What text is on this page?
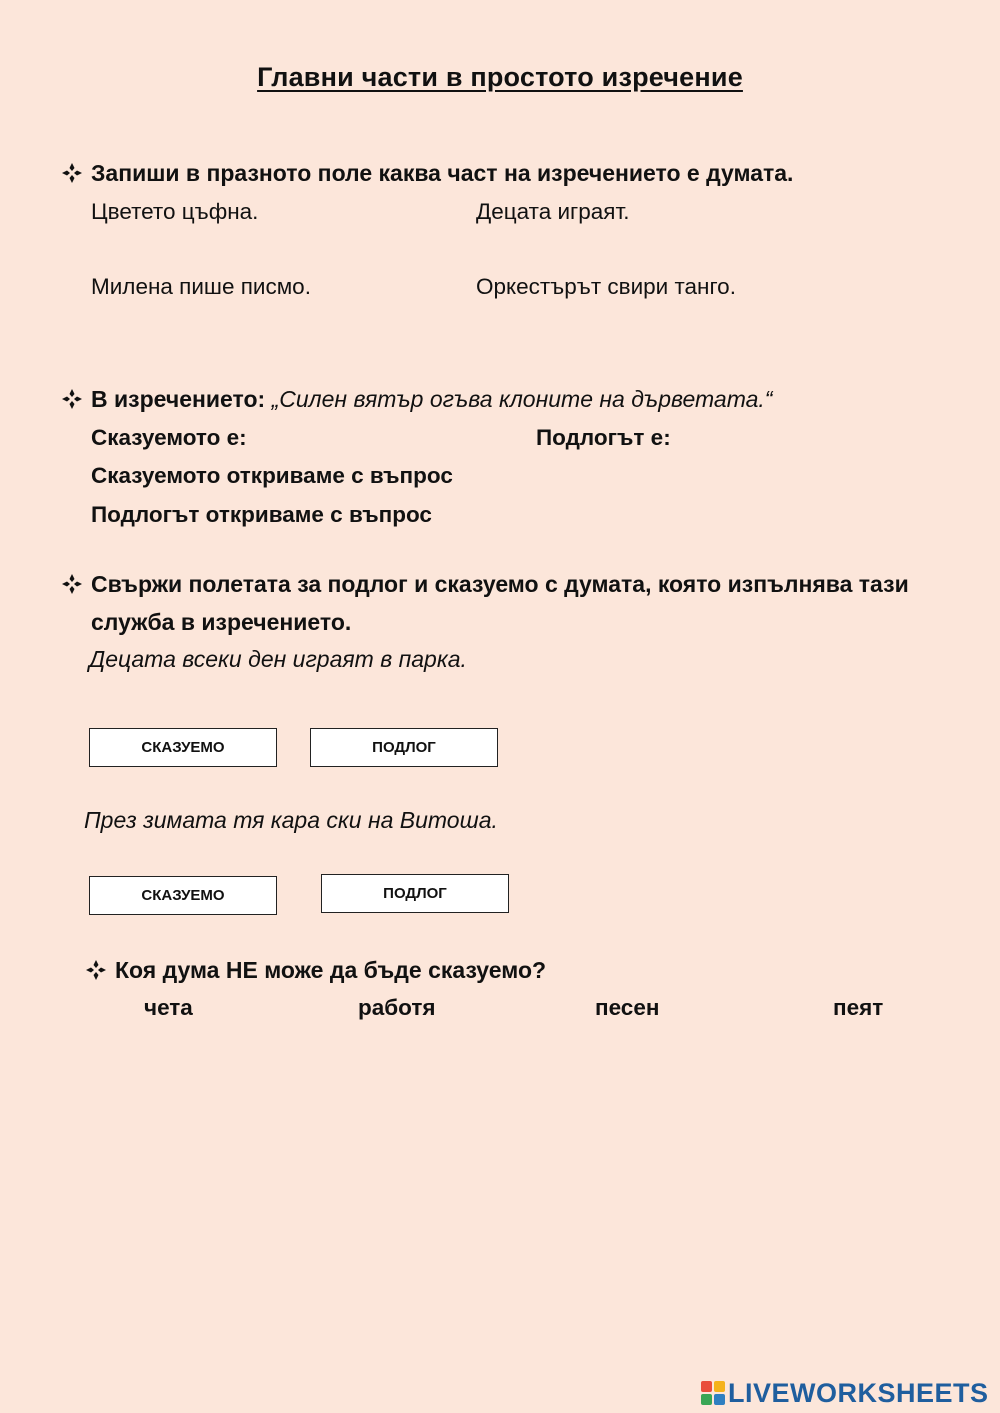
Главни части в простото изречение
Запиши в празното поле каква част на изречението е думата.
Цветето цъфна.	Децата играят.
Милена пише писмо.	Оркестърът свири танго.
В изречението: „Силен вятър огъва клоните на дърветата.“
Сказуемото е:	Подлогът е:
Сказуемото откриваме с въпрос
Подлогът откриваме с въпрос
Свържи полетата за подлог и сказуемо с думата, която изпълнява тази
служба в изречението.
Децата всеки ден играят в парка.
СКАЗУЕМО	ПОДЛОГ
През зимата тя кара ски на Витоша.
СКАЗУЕМО	ПОДЛОГ
Коя дума НЕ може да бъде сказуемо?
чета	работя	песен	пеят
LIVEWORKSHEETS
